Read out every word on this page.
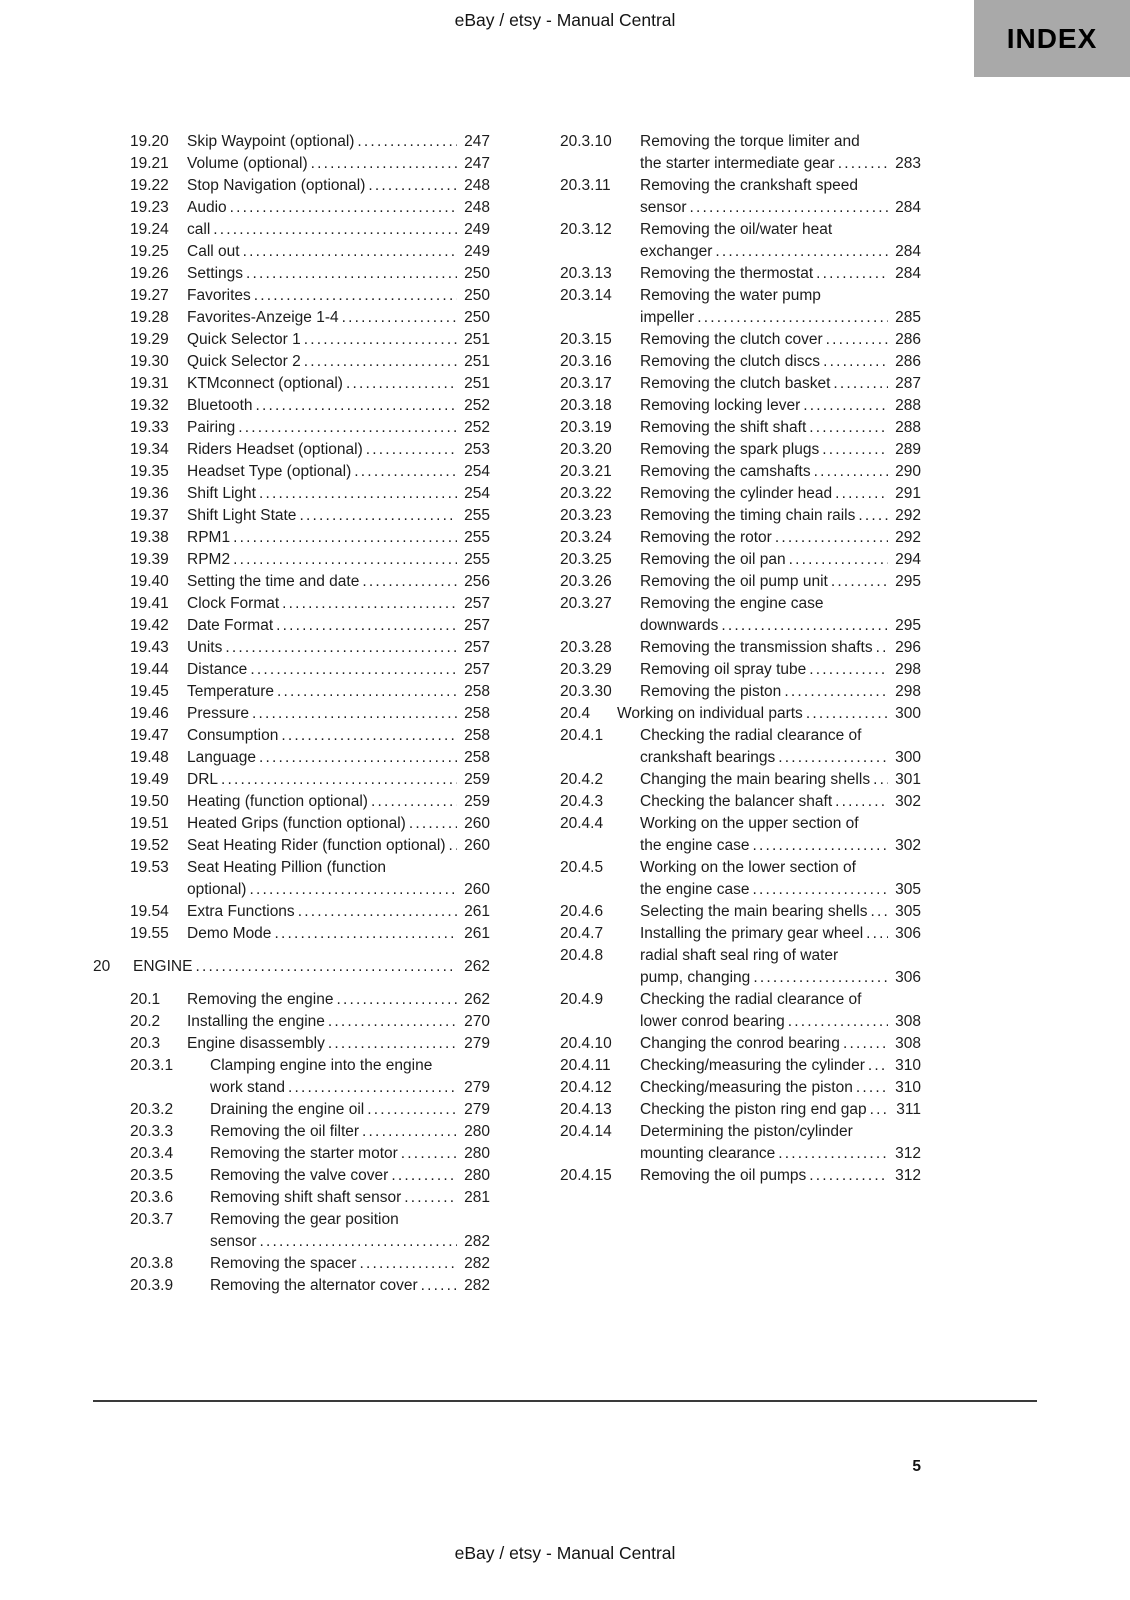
eBay / etsy - Manual Central
INDEX
19.20	Skip Waypoint (optional) .....	247
19.21	Volume (optional) .....	247
19.22	Stop Navigation (optional) .....	248
19.23	Audio .....	248
19.24	call .....	249
19.25	Call out .....	249
19.26	Settings .....	250
19.27	Favorites .....	250
19.28	Favorites-Anzeige 1-4 .....	250
19.29	Quick Selector 1 .....	251
19.30	Quick Selector 2 .....	251
19.31	KTMconnect (optional) .....	251
19.32	Bluetooth .....	252
19.33	Pairing .....	252
19.34	Riders Headset (optional) .....	253
19.35	Headset Type (optional) .....	254
19.36	Shift Light .....	254
19.37	Shift Light State .....	255
19.38	RPM1 .....	255
19.39	RPM2 .....	255
19.40	Setting the time and date .....	256
19.41	Clock Format .....	257
19.42	Date Format .....	257
19.43	Units .....	257
19.44	Distance .....	257
19.45	Temperature .....	258
19.46	Pressure .....	258
19.47	Consumption .....	258
19.48	Language .....	258
19.49	DRL .....	259
19.50	Heating (function optional) .....	259
19.51	Heated Grips (function optional) .....	260
19.52	Seat Heating Rider (function optional) .....	260
19.53	Seat Heating Pillion (function optional) .....	260
19.54	Extra Functions .....	261
19.55	Demo Mode .....	261
20	ENGINE .....	262
20.1	Removing the engine .....	262
20.2	Installing the engine .....	270
20.3	Engine disassembly .....	279
20.3.1	Clamping engine into the engine work stand .....	279
20.3.2	Draining the engine oil .....	279
20.3.3	Removing the oil filter .....	280
20.3.4	Removing the starter motor .....	280
20.3.5	Removing the valve cover .....	280
20.3.6	Removing shift shaft sensor .....	281
20.3.7	Removing the gear position sensor .....	282
20.3.8	Removing the spacer .....	282
20.3.9	Removing the alternator cover .....	282
20.3.10	Removing the torque limiter and the starter intermediate gear .....	283
20.3.11	Removing the crankshaft speed sensor .....	284
20.3.12	Removing the oil/water heat exchanger .....	284
20.3.13	Removing the thermostat .....	284
20.3.14	Removing the water pump impeller .....	285
20.3.15	Removing the clutch cover .....	286
20.3.16	Removing the clutch discs .....	286
20.3.17	Removing the clutch basket .....	287
20.3.18	Removing locking lever .....	288
20.3.19	Removing the shift shaft .....	288
20.3.20	Removing the spark plugs .....	289
20.3.21	Removing the camshafts .....	290
20.3.22	Removing the cylinder head .....	291
20.3.23	Removing the timing chain rails .....	292
20.3.24	Removing the rotor .....	292
20.3.25	Removing the oil pan .....	294
20.3.26	Removing the oil pump unit .....	295
20.3.27	Removing the engine case downwards .....	295
20.3.28	Removing the transmission shafts .....	296
20.3.29	Removing oil spray tube .....	298
20.3.30	Removing the piston .....	298
20.4	Working on individual parts .....	300
20.4.1	Checking the radial clearance of crankshaft bearings .....	300
20.4.2	Changing the main bearing shells .....	301
20.4.3	Checking the balancer shaft .....	302
20.4.4	Working on the upper section of the engine case .....	302
20.4.5	Working on the lower section of the engine case .....	305
20.4.6	Selecting the main bearing shells .....	305
20.4.7	Installing the primary gear wheel .....	306
20.4.8	radial shaft seal ring of water pump, changing .....	306
20.4.9	Checking the radial clearance of lower conrod bearing .....	308
20.4.10	Changing the conrod bearing .....	308
20.4.11	Checking/measuring the cylinder .....	310
20.4.12	Checking/measuring the piston .....	310
20.4.13	Checking the piston ring end gap .....	311
20.4.14	Determining the piston/cylinder mounting clearance .....	312
20.4.15	Removing the oil pumps .....	312
5
eBay / etsy - Manual Central
